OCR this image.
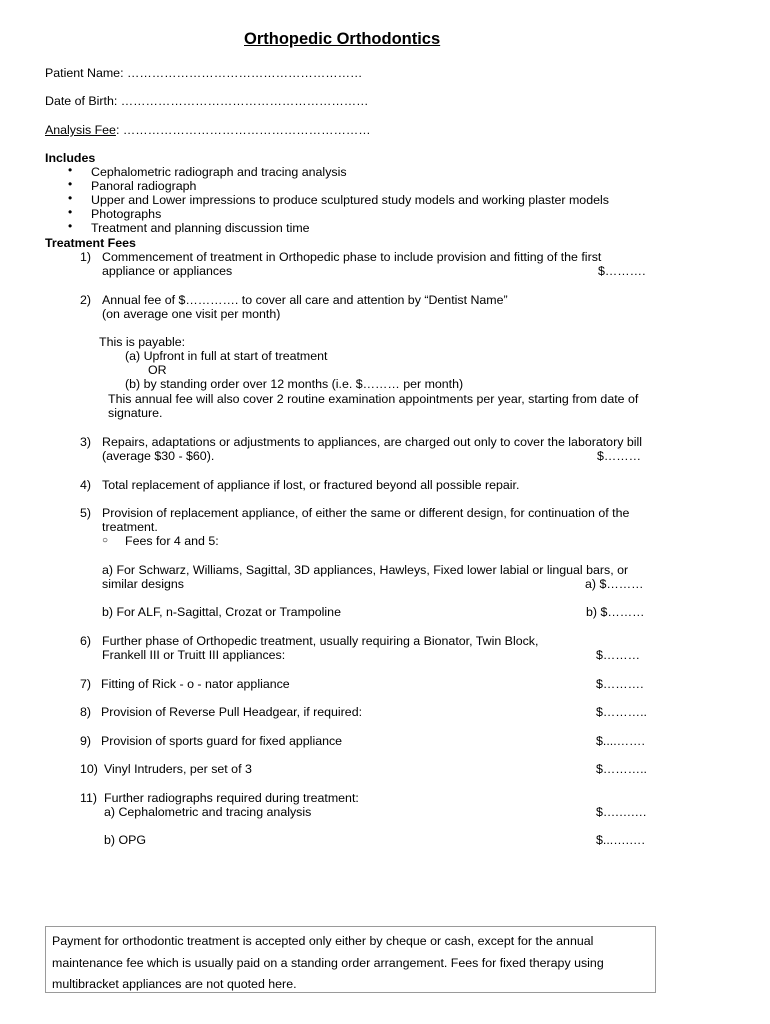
Orthopedic Orthodontics
Patient Name: …………………………………………………
Date of Birth: ……………………………………………………
Analysis Fee: ……………………………………………………
Includes
• Cephalometric radiograph and tracing analysis
• Panoral radiograph
• Upper and Lower impressions to produce sculptured study models and working plaster models
• Photographs
• Treatment and planning discussion time
Treatment Fees
1) Commencement of treatment in Orthopedic phase to include provision and fitting of the first
appliance or appliances	$……….
2) Annual fee of $…………. to cover all care and attention by “Dentist Name”
(on average one visit per month)
This is payable:
(a) Upfront in full at start of treatment
OR
(b) by standing order over 12 months (i.e. $……… per month)
This annual fee will also cover 2 routine examination appointments per year, starting from date of
signature.
3) Repairs, adaptations or adjustments to appliances, are charged out only to cover the laboratory bill
(average $30 - $60).	$………
4) Total replacement of appliance if lost, or fractured beyond all possible repair.
5) Provision of replacement appliance, of either the same or different design, for continuation of the
treatment.
○ Fees for 4 and 5:
a) For Schwarz, Williams, Sagittal, 3D appliances, Hawleys, Fixed lower labial or lingual bars, or
similar designs	a) $………
b) For ALF, n-Sagittal, Crozat or Trampoline	b) $………
6) Further phase of Orthopedic treatment, usually requiring a Bionator, Twin Block,
Frankell III or Truitt III appliances:	$………
7) Fitting of Rick - o - nator appliance	$……….
8) Provision of Reverse Pull Headgear, if required:	$………..
9) Provision of sports guard for fixed appliance	$....…….
10) Vinyl Intruders, per set of 3	$………..
11) Further radiographs required during treatment:
a) Cephalometric and tracing analysis	$….….…
b) OPG	$...….….
Payment for orthodontic treatment is accepted only either by cheque or cash, except for the annual maintenance fee which is usually paid on a standing order arrangement. Fees for fixed therapy using multibracket appliances are not quoted here.
